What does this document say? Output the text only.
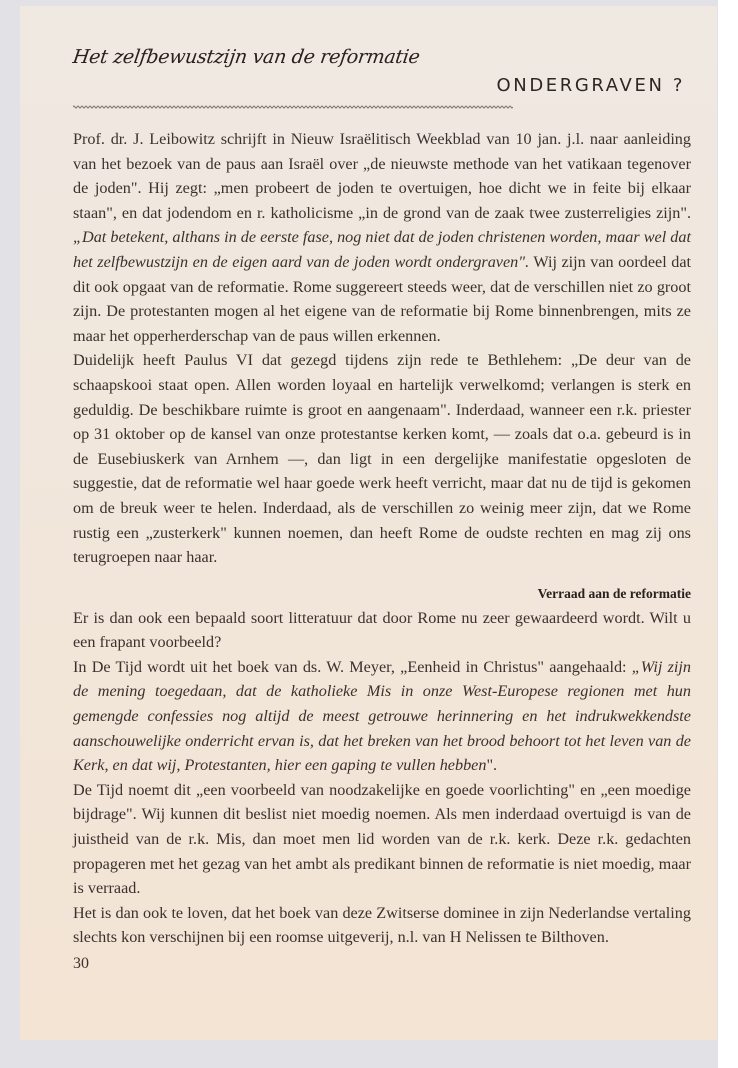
Het zelfbewustzijn van de reformatie
ONDERGRAVEN ?

Prof. dr. J. Leibowitz schrijft in Nieuw Israëlitisch Weekblad van 10 jan. j.l. naar aanleiding van het bezoek van de paus aan Israël over „de nieuwste methode van het vatikaan tegenover de joden". Hij zegt: „men probeert de joden te overtuigen, hoe dicht we in feite bij elkaar staan", en dat jodendom en r. katholicisme „in de grond van de zaak twee zusterreligies zijn". „Dat betekent, althans in de eerste fase, nog niet dat de joden christenen worden, maar wel dat het zelfbewustzijn en de eigen aard van de joden wordt ondergraven". Wij zijn van oordeel dat dit ook opgaat van de reformatie. Rome suggereert steeds weer, dat de verschillen niet zo groot zijn. De protestanten mogen al het eigene van de reformatie bij Rome binnenbrengen, mits ze maar het opperherderschap van de paus willen erkennen.

Duidelijk heeft Paulus VI dat gezegd tijdens zijn rede te Bethlehem: „De deur van de schaapskooi staat open. Allen worden loyaal en hartelijk verwelkomd; verlangen is sterk en geduldig. De beschikbare ruimte is groot en aangenaam". Inderdaad, wanneer een r.k. priester op 31 oktober op de kansel van onze protestantse kerken komt, — zoals dat o.a. gebeurd is in de Eusebiuskerk van Arnhem —, dan ligt in een dergelijke manifestatie opgesloten de suggestie, dat de reformatie wel haar goede werk heeft verricht, maar dat nu de tijd is gekomen om de breuk weer te helen. Inderdaad, als de verschillen zo weinig meer zijn, dat we Rome rustig een „zusterkerk" kunnen noemen, dan heeft Rome de oudste rechten en mag zij ons terugroepen naar haar.

Verraad aan de reformatie

Er is dan ook een bepaald soort litteratuur dat door Rome nu zeer gewaardeerd wordt. Wilt u een frapant voorbeeld?

In De Tijd wordt uit het boek van ds. W. Meyer, „Eenheid in Christus" aangehaald: „Wij zijn de mening toegedaan, dat de katholieke Mis in onze West-Europese regionen met hun gemengde confessies nog altijd de meest getrouwe herinnering en het indrukwekkendste aanschouwelijke onderricht ervan is, dat het breken van het brood behoort tot het leven van de Kerk, en dat wij, Protestanten, hier een gaping te vullen hebben".

De Tijd noemt dit „een voorbeeld van noodzakelijke en goede voorlichting" en „een moedige bijdrage". Wij kunnen dit beslist niet moedig noemen. Als men inderdaad overtuigd is van de juistheid van de r.k. Mis, dan moet men lid worden van de r.k. kerk. Deze r.k. gedachten propageren met het gezag van het ambt als predikant binnen de reformatie is niet moedig, maar is verraad.

Het is dan ook te loven, dat het boek van deze Zwitserse dominee in zijn Nederlandse vertaling slechts kon verschijnen bij een roomse uitgeverij, n.l. van H Nelissen te Bilthoven.

30
